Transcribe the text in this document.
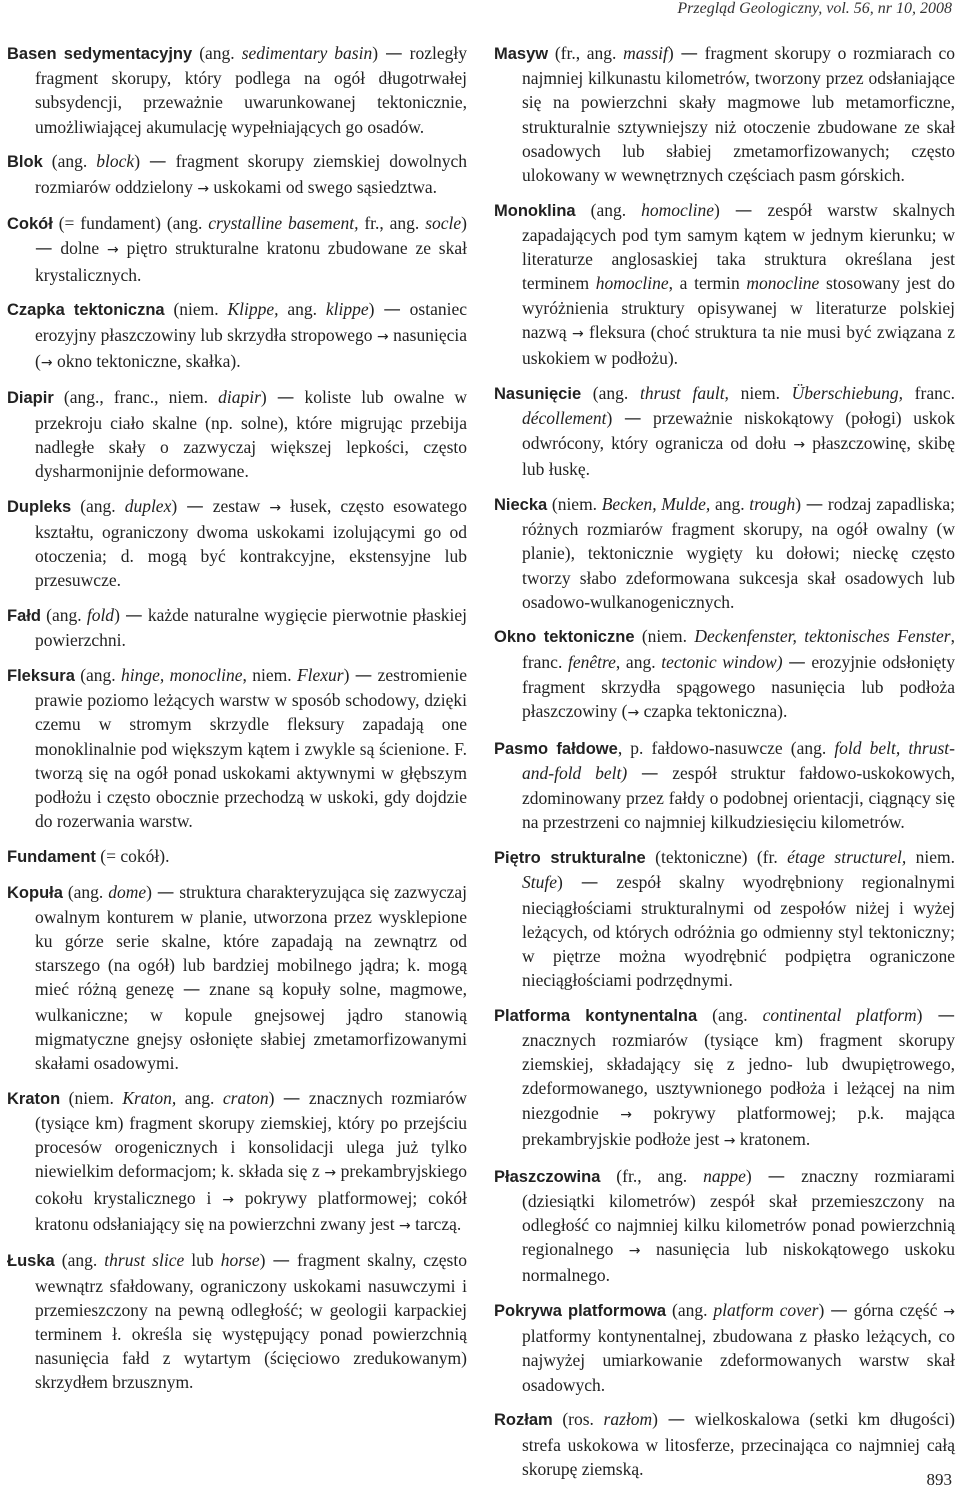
Przegląd Geologiczny, vol. 56, nr 10, 2008

Basen sedymentacyjny (ang. sedimentary basin) — rozległy fragment skorupy, który podlega na ogół długotrwałej subsydencji, przeważnie uwarunkowanej tektonicznie, umożliwiającej akumulację wypełniających go osadów.

Blok (ang. block) — fragment skorupy ziemskiej dowolnych rozmiarów oddzielony → uskokami od swego sąsiedztwa.

Cokół (= fundament) (ang. crystalline basement, fr., ang. socle) — dolne → piętro strukturalne kratonu zbudowane ze skał krystalicznych.

Czapka tektoniczna (niem. Klippe, ang. klippe) — ostaniec erozyjny płaszczowiny lub skrzydła stropowego → nasunięcia (→ okno tektoniczne, skałka).

Diapir (ang., franc., niem. diapir) — koliste lub owalne w przekroju ciało skalne (np. solne), które migrując przebija nadległe skały o zazwyczaj większej lepkości, często dysharmonijnie deformowane.

Dupleks (ang. duplex) — zestaw → łusek, często esowatego kształtu, ograniczony dwoma uskokami izolującymi go od otoczenia; d. mogą być kontrakcyjne, ekstensyjne lub przesuwcze.

Fałd (ang. fold) — każde naturalne wygięcie pierwotnie płaskiej powierzchni.

Fleksura (ang. hinge, monocline, niem. Flexur) — zestromienie prawie poziomo leżących warstw w sposób schodowy, dzięki czemu w stromym skrzydle fleksury zapadają one monoklinalnie pod większym kątem i zwykle są ścienione. F. tworzą się na ogół ponad uskokami aktywnymi w głębszym podłożu i często obocznie przechodzą w uskoki, gdy dojdzie do rozerwania warstw.

Fundament (= cokół).

Kopuła (ang. dome) — struktura charakteryzująca się zazwyczaj owalnym konturem w planie, utworzona przez wysklepione ku górze serie skalne, które zapadają na zewnątrz od starszego (na ogół) lub bardziej mobilnego jądra; k. mogą mieć różną genezę — znane są kopuły solne, magmowe, wulkaniczne; w kopule gnejsowej jądro stanowią migmatyczne gnejsy osłonięte słabiej zmetamorfizowanymi skałami osadowymi.

Kraton (niem. Kraton, ang. craton) — znacznych rozmiarów (tysiące km) fragment skorupy ziemskiej, który po przejściu procesów orogenicznych i konsolidacji ulega już tylko niewielkim deformacjom; k. składa się z → prekambryjskiego cokołu krystalicznego i → pokrywy platformowej; cokół kratonu odsłaniający się na powierzchni zwany jest → tarczą.

Łuska (ang. thrust slice lub horse) — fragment skalny, często wewnątrz sfałdowany, ograniczony uskokami nasuwczymi i przemieszczony na pewną odległość; w geologii karpackiej terminem ł. określa się występujący ponad powierzchnią nasunięcia fałd z wytartym (ścięciowo zredukowanym) skrzydłem brzusznym.

Masyw (fr., ang. massif) — fragment skorupy o rozmiarach co najmniej kilkunastu kilometrów, tworzony przez odsłaniające się na powierzchni skały magmowe lub metamorficzne, strukturalnie sztywniejszy niż otoczenie zbudowane ze skał osadowych lub słabiej zmetamorfizowanych; często ulokowany w wewnętrznych częściach pasm górskich.

Monoklina (ang. homocline) — zespół warstw skalnych zapadających pod tym samym kątem w jednym kierunku; w literaturze anglosaskiej taka struktura określana jest terminem homocline, a termin monocline stosowany jest do wyróżnienia struktury opisywanej w literaturze polskiej nazwą → fleksura (choć struktura ta nie musi być związana z uskokiem w podłożu).

Nasunięcie (ang. thrust fault, niem. Überschiebung, franc. décollement) — przeważnie niskokątowy (połogi) uskok odwrócony, który ogranicza od dołu → płaszczowinę, skibę lub łuskę.

Niecka (niem. Becken, Mulde, ang. trough) — rodzaj zapadliska; różnych rozmiarów fragment skorupy, na ogół owalny (w planie), tektonicznie wygięty ku dołowi; nieckę często tworzy słabo zdeformowana sukcesja skał osadowych lub osadowo-wulkanogenicznych.

Okno tektoniczne (niem. Deckenfenster, tektonisches Fenster, franc. fenêtre, ang. tectonic window) — erozyjnie odsłonięty fragment skrzydła spągowego nasunięcia lub podłoża płaszczowiny (→ czapka tektoniczna).

Pasmo fałdowe, p. fałdowo-nasuwcze (ang. fold belt, thrust-and-fold belt) — zespół struktur fałdowo-uskokowych, zdominowany przez fałdy o podobnej orientacji, ciągnący się na przestrzeni co najmniej kilkudziesięciu kilometrów.

Piętro strukturalne (tektoniczne) (fr. étage structurel, niem. Stufe) — zespół skalny wyodrębniony regionalnymi nieciągłościami strukturalnymi od zespołów niżej i wyżej leżących, od których odróżnia go odmienny styl tektoniczny; w piętrze można wyodrębnić podpiętra ograniczone nieciągłościami podrzędnymi.

Platforma kontynentalna (ang. continental platform) — znacznych rozmiarów (tysiące km) fragment skorupy ziemskiej, składający się z jedno- lub dwupiętrowego, zdeformowanego, usztywnionego podłoża i leżącej na nim niezgodnie → pokrywy platformowej; p.k. mająca prekambryjskie podłoże jest → kratonem.

Płaszczowina (fr., ang. nappe) — znaczny rozmiarami (dziesiątki kilometrów) zespół skał przemieszczony na odległość co najmniej kilku kilometrów ponad powierzchnią regionalnego → nasunięcia lub niskokątowego uskoku normalnego.

Pokrywa platformowa (ang. platform cover) — górna część → platformy kontynentalnej, zbudowana z płasko leżących, co najwyżej umiarkowanie zdeformowanych warstw skał osadowych.

Rozłam (ros. razłom) — wielkoskalowa (setki km długości) strefa uskokowa w litosferze, przecinająca co najmniej całą skorupę ziemską.

893
